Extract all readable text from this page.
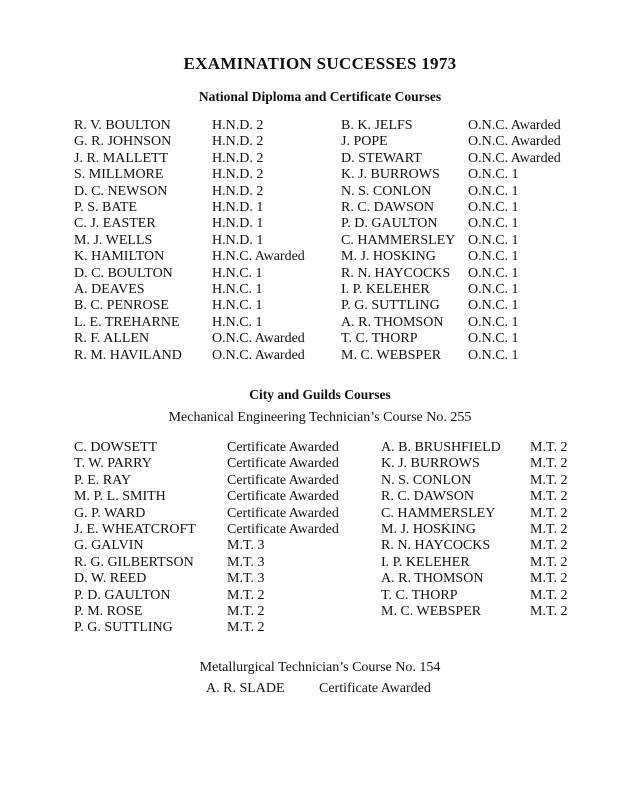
EXAMINATION SUCCESSES 1973
National Diploma and Certificate Courses
R. V. BOULTON	H.N.D. 2
G. R. JOHNSON	H.N.D. 2
J. R. MALLETT	H.N.D. 2
S. MILLMORE	H.N.D. 2
D. C. NEWSON	H.N.D. 2
P. S. BATE	H.N.D. 1
C. J. EASTER	H.N.D. 1
M. J. WELLS	H.N.D. 1
K. HAMILTON	H.N.C. Awarded
D. C. BOULTON	H.N.C. 1
A. DEAVES	H.N.C. 1
B. C. PENROSE	H.N.C. 1
L. E. TREHARNE H.N.C. 1
R. F. ALLEN	O.N.C. Awarded
R. M. HAVILAND O.N.C. Awarded
B. K. JELFS	O.N.C. Awarded
J. POPE	O.N.C. Awarded
D. STEWART	O.N.C. Awarded
K. J. BURROWS O.N.C. 1
N. S. CONLON	O.N.C. 1
R. C. DAWSON O.N.C. 1
P. D. GAULTON O.N.C. 1
C. HAMMERSLEY O.N.C. 1
M. J. HOSKING O.N.C. 1
R. N. HAYCOCKS O.N.C. 1
I. P. KELEHER	O.N.C. 1
P. G. SUTTLING O.N.C. 1
A. R. THOMSON O.N.C. 1
T. C. THORP	O.N.C. 1
M. C. WEBSPER O.N.C. 1
City and Guilds Courses
Mechanical Engineering Technician’s Course No. 255
C. DOWSETT	Certificate Awarded
T. W. PARRY	Certificate Awarded
P. E. RAY	Certificate Awarded
M. P. L. SMITH	Certificate Awarded
G. P. WARD	Certificate Awarded
J. E. WHEATCROFT Certificate Awarded
G. GALVIN	M.T. 3
R. G. GILBERTSON M.T. 3
D. W. REED	M.T. 3
P. D. GAULTON	M.T. 2
P. M. ROSE	M.T. 2
P. G. SUTTLING	M.T. 2
A. B. BRUSHFIELD M.T. 2
K. J. BURROWS	M.T. 2
N. S. CONLON	M.T. 2
R. C. DAWSON	M.T. 2
C. HAMMERSLEY M.T. 2
M. J. HOSKING	M.T. 2
R. N. HAYCOCKS	M.T. 2
I. P. KELEHER	M.T. 2
A. R. THOMSON	M.T. 2
T. C. THORP	M.T. 2
M. C. WEBSPER	M.T. 2
Metallurgical Technician’s Course No. 154
A. R. SLADE Certificate Awarded
